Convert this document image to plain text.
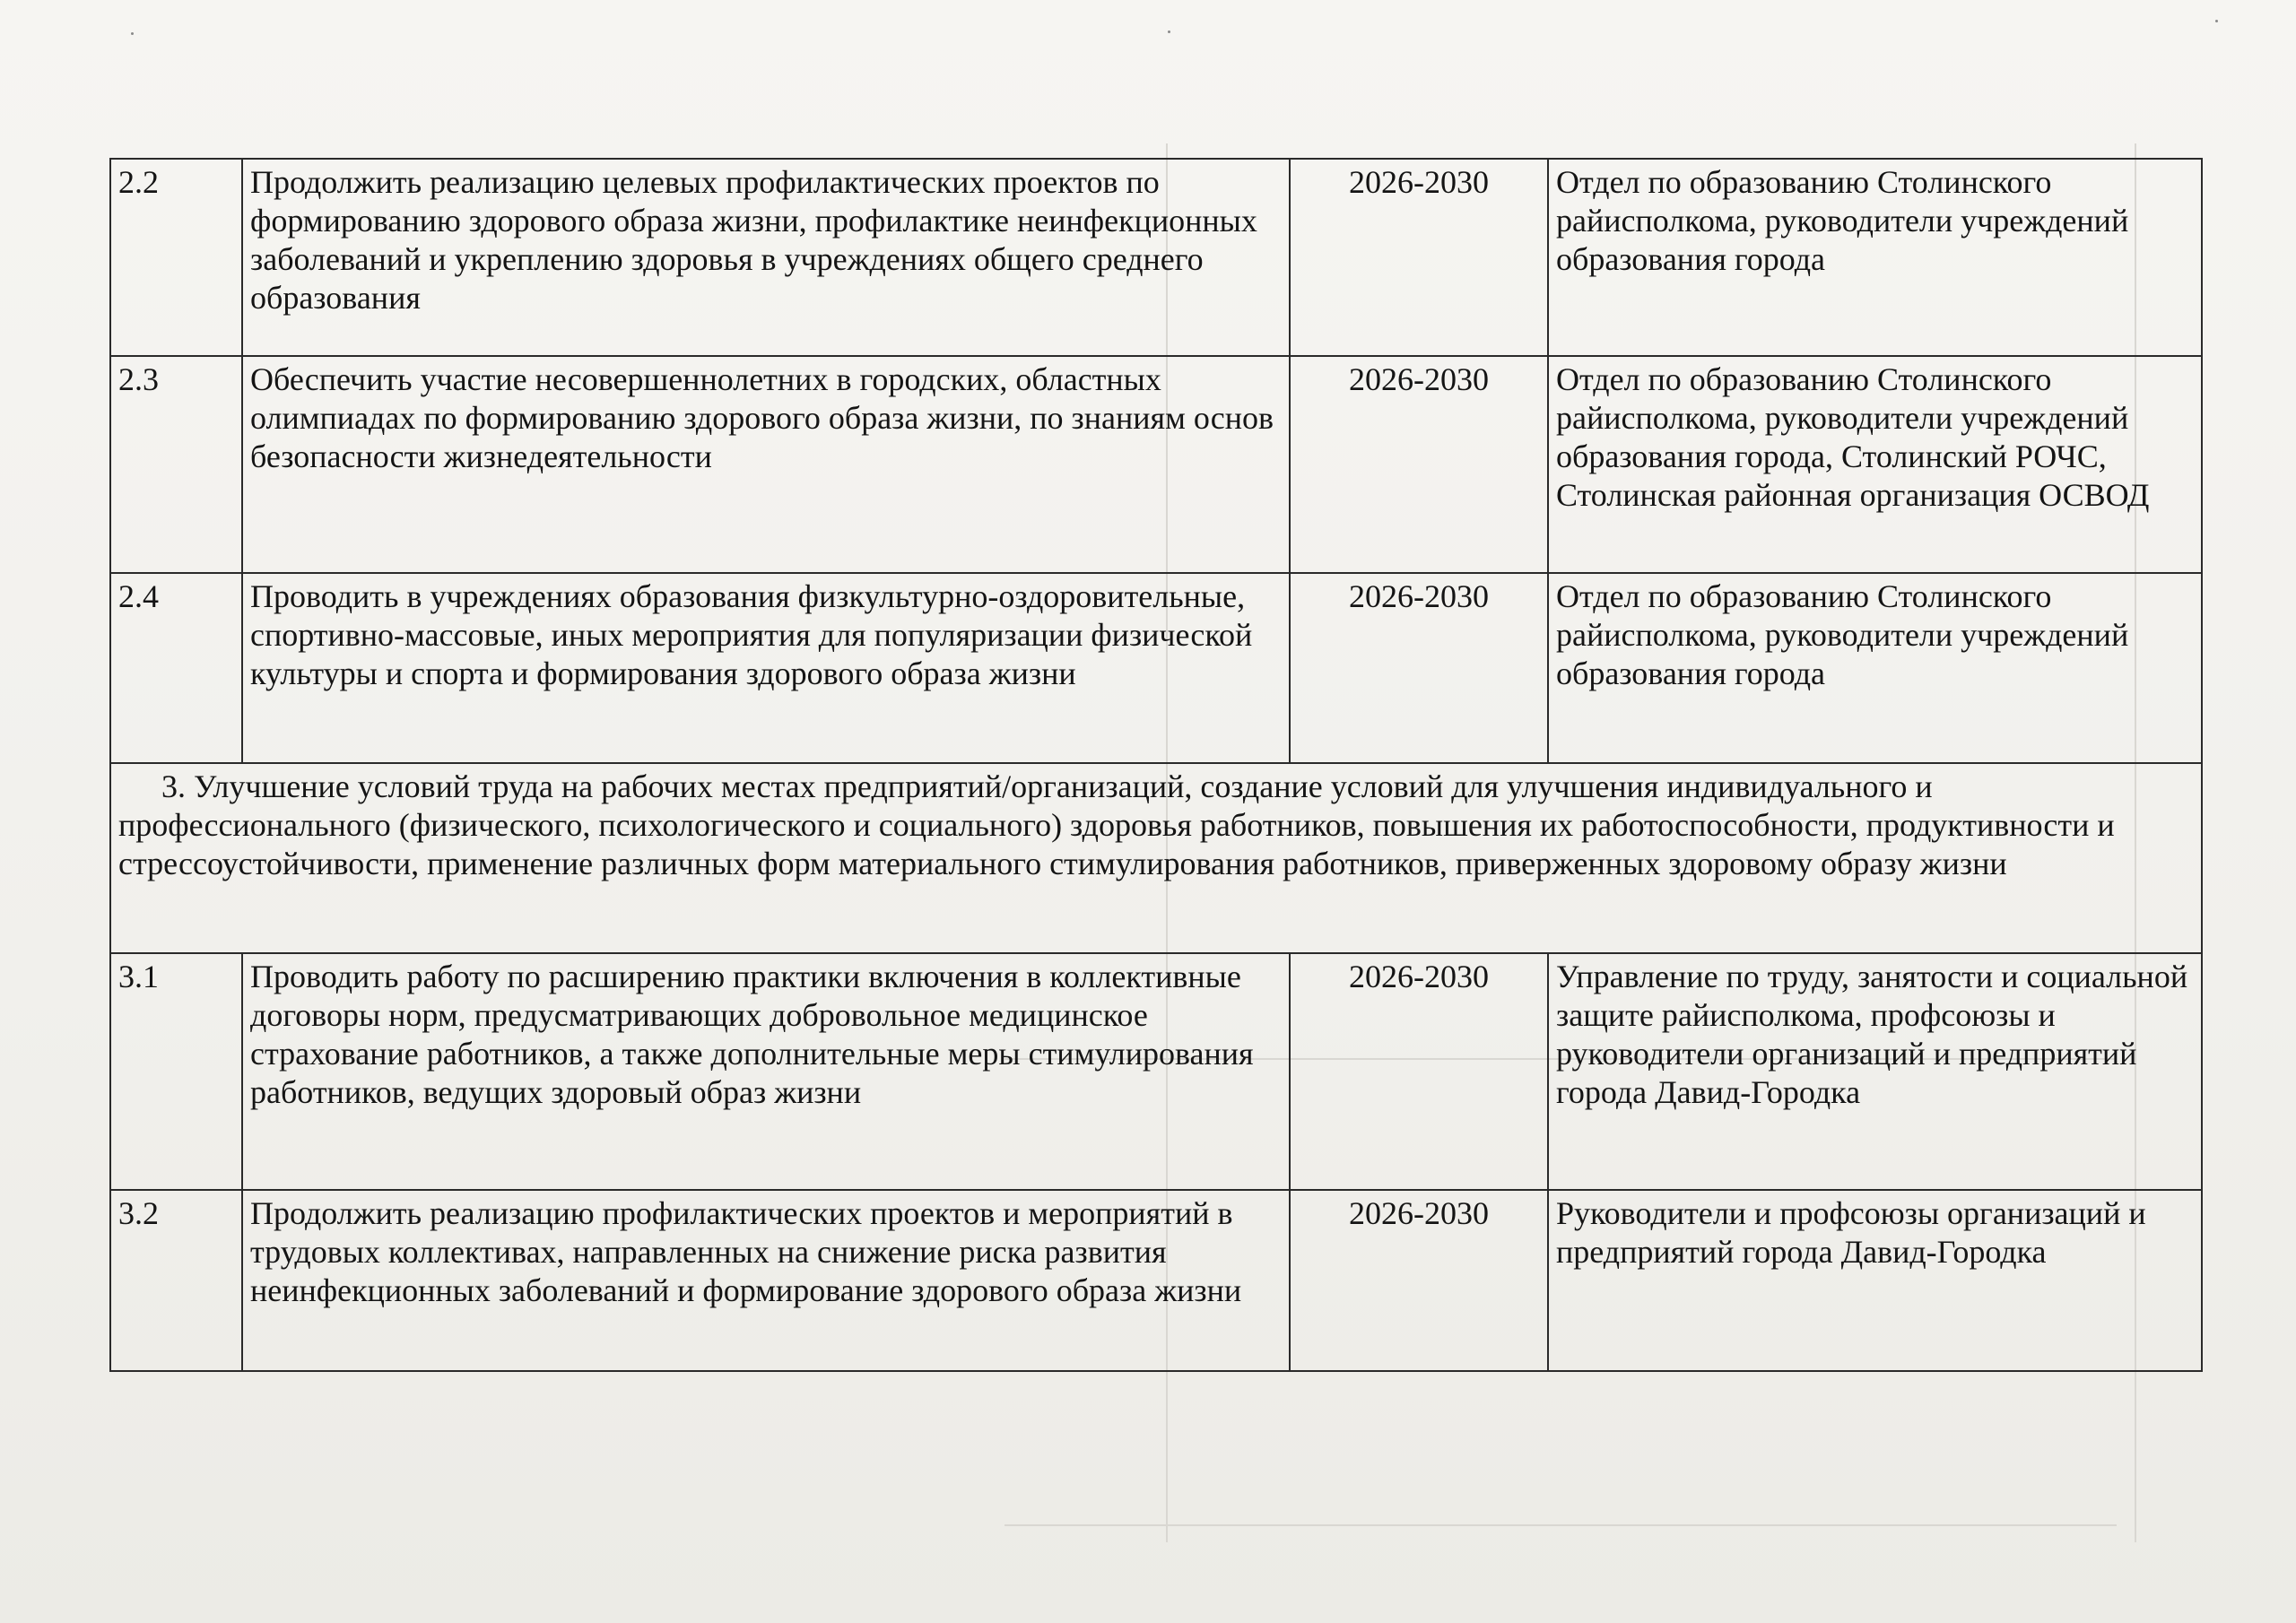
2.2	Продолжить реализацию целевых профилактических проектов по формированию здорового образа жизни, профилактике неинфекционных заболеваний и укреплению здоровья в учреждениях общего среднего образования	2026-2030	Отдел по образованию Столинского райисполкома, руководители учреждений образования города
2.3	Обеспечить участие несовершеннолетних в городских, областных олимпиадах по формированию здорового образа жизни, по знаниям основ безопасности жизнедеятельности	2026-2030	Отдел по образованию Столинского райисполкома, руководители учреждений образования города, Столинский РОЧС, Столинская районная организация ОСВОД
2.4	Проводить в учреждениях образования физкультурно-оздоровительные, спортивно-массовые, иных мероприятия для популяризации физической культуры и спорта и формирования здорового образа жизни	2026-2030	Отдел по образованию Столинского райисполкома, руководители учреждений образования города

3. Улучшение условий труда на рабочих местах предприятий/организаций, создание условий для улучшения индивидуального и профессионального (физического, психологического и социального) здоровья работников, повышения их работоспособности, продуктивности и стрессоустойчивости, применение различных форм материального стимулирования работников, приверженных здоровому образу жизни			

3.1	Проводить работу по расширению практики включения в коллективные договоры норм, предусматривающих добровольное медицинское страхование работников, а также дополнительные меры стимулирования работников, ведущих здоровый образ жизни	2026-2030	Управление по труду, занятости и социальной защите райисполкома, профсоюзы и руководители организаций и предприятий города Давид-Городка
3.2	Продолжить реализацию профилактических проектов и мероприятий в трудовых коллективах, направленных на снижение риска развития неинфекционных заболеваний и формирование здорового образа жизни	2026-2030	Руководители и профсоюзы организаций и предприятий города Давид-Городка
